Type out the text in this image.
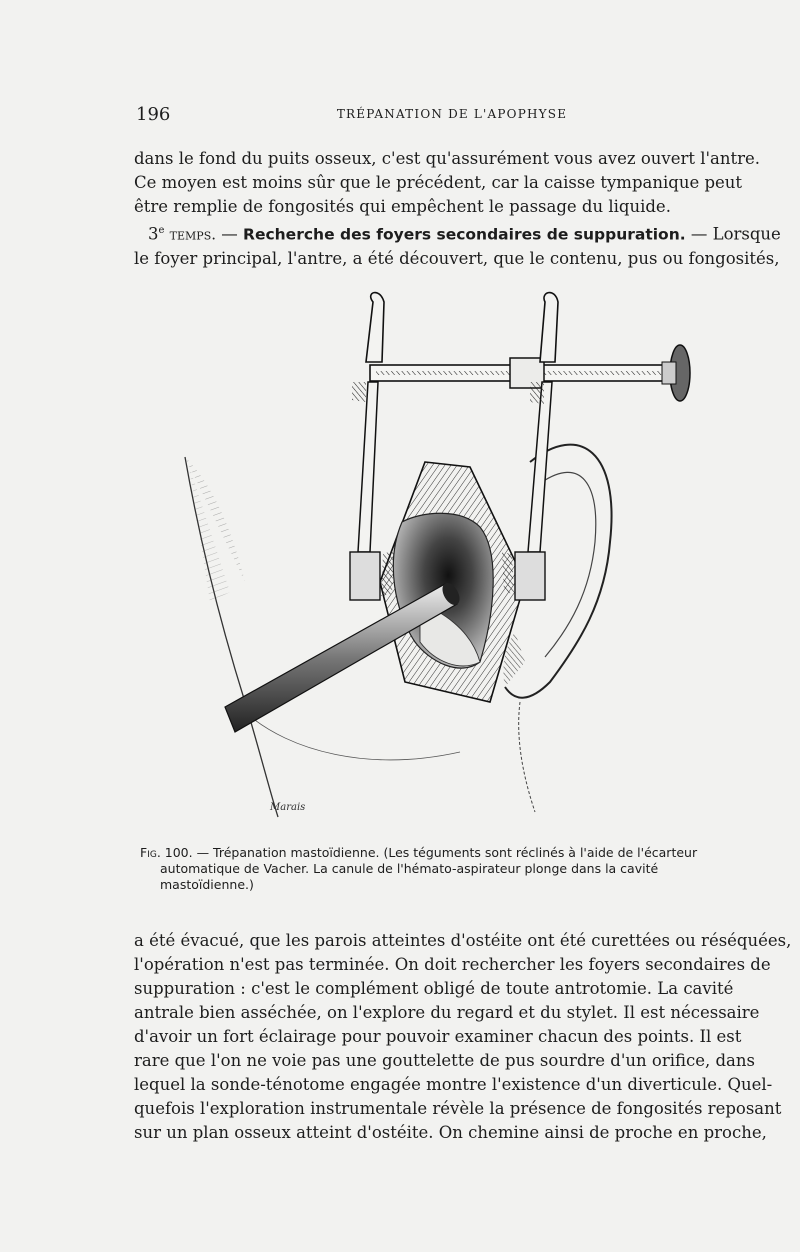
196	TRÉPANATION DE L'APOPHYSE
dans le fond du puits osseux, c'est qu'assurément vous avez ouvert l'antre.
Ce moyen est moins sûr que le précédent, car la caisse tympanique peut
être remplie de fongosités qui empêchent le passage du liquide.
3e temps. — Recherche des foyers secondaires de suppuration. — Lorsque
le foyer principal, l'antre, a été découvert, que le contenu, pus ou fongosités,
Marais
Fig. 100. — Trépanation mastoïdienne. (Les téguments sont réclinés à l'aide de l'écarteur
automatique de Vacher. La canule de l'hémato-aspirateur plonge dans la cavité
mastoïdienne.)
a été évacué, que les parois atteintes d'ostéite ont été curettées ou réséquées,
l'opération n'est pas terminée. On doit rechercher les foyers secondaires de
suppuration : c'est le complément obligé de toute antrotomie. La cavité
antrale bien asséchée, on l'explore du regard et du stylet. Il est nécessaire
d'avoir un fort éclairage pour pouvoir examiner chacun des points. Il est
rare que l'on ne voie pas une gouttelette de pus sourdre d'un orifice, dans
lequel la sonde-ténotome engagée montre l'existence d'un diverticule. Quel-
quefois l'exploration instrumentale révèle la présence de fongosités reposant
sur un plan osseux atteint d'ostéite. On chemine ainsi de proche en proche,
